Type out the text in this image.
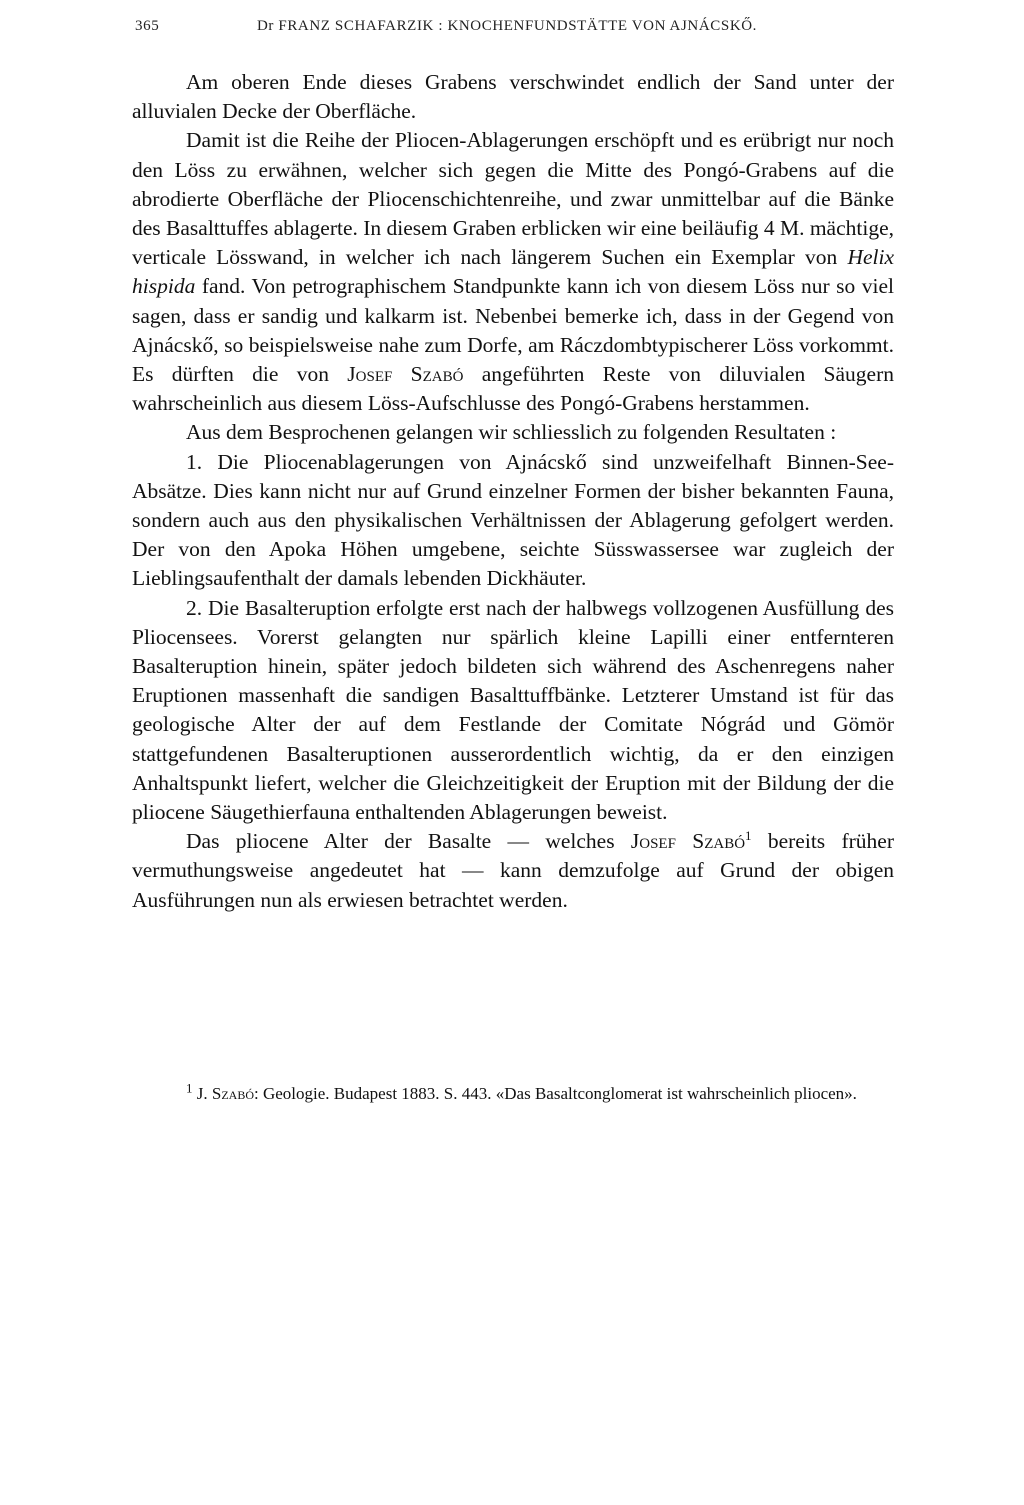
365	Dr FRANZ SCHAFARZIK : KNOCHENFUNDSTÄTTE VON AJNÁCSKŐ.

Am oberen Ende dieses Grabens verschwindet endlich der Sand unter der alluvialen Decke der Oberfläche.

Damit ist die Reihe der Pliocen-Ablagerungen erschöpft und es erübrigt nur noch den Löss zu erwähnen, welcher sich gegen die Mitte des Pongó-Grabens auf die abrodierte Oberfläche der Pliocenschichtenreihe, und zwar unmittelbar auf die Bänke des Basalttuffes ablagerte. In diesem Graben erblicken wir eine beiläufig 4 M. mächtige, verticale Lösswand, in welcher ich nach längerem Suchen ein Exemplar von Helix hispida fand. Von petrographischem Standpunkte kann ich von diesem Löss nur so viel sagen, dass er sandig und kalkarm ist. Nebenbei bemerke ich, dass in der Gegend von Ajnácskő, so beispielsweise nahe zum Dorfe, am Ráczdombtypischerer Löss vorkommt. Es dürften die von Josef Szabó angeführten Reste von diluvialen Säugern wahrscheinlich aus diesem Löss-Aufschlusse des Pongó-Grabens herstammen.

Aus dem Besprochenen gelangen wir schliesslich zu folgenden Resultaten :

1. Die Pliocenablagerungen von Ajnácskő sind unzweifelhaft Binnen-See-Absätze. Dies kann nicht nur auf Grund einzelner Formen der bisher bekannten Fauna, sondern auch aus den physikalischen Verhältnissen der Ablagerung gefolgert werden. Der von den Apoka Höhen umgebene, seichte Süsswassersee war zugleich der Lieblingsaufenthalt der damals lebenden Dickhäuter.

2. Die Basalteruption erfolgte erst nach der halbwegs vollzogenen Ausfüllung des Pliocensees. Vorerst gelangten nur spärlich kleine Lapilli einer entfernteren Basalteruption hinein, später jedoch bildeten sich während des Aschenregens naher Eruptionen massenhaft die sandigen Basalttuffbänke. Letzterer Umstand ist für das geologische Alter der auf dem Festlande der Comitate Nógrád und Gömör stattgefundenen Basalteruptionen ausserordentlich wichtig, da er den einzigen Anhaltspunkt liefert, welcher die Gleichzeitigkeit der Eruption mit der Bildung der die pliocene Säugethierfauna enthaltenden Ablagerungen beweist.

Das pliocene Alter der Basalte — welches Josef Szabó$^1$ bereits früher vermuthungsweise angedeutet hat — kann demzufolge auf Grund der obigen Ausführungen nun als erwiesen betrachtet werden.

$^1$ J. Szabó: Geologie. Budapest 1883. S. 443. «Das Basaltconglomerat ist wahrscheinlich pliocen».
